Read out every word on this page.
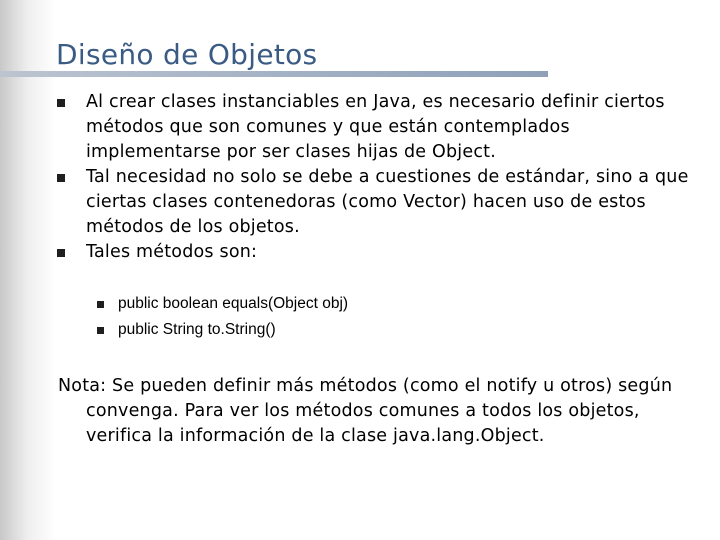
Diseño de Objetos
Al crear clases instanciables en Java, es necesario definir ciertos métodos que son comunes y que están contemplados implementarse por ser clases hijas de Object.
Tal necesidad no solo se debe a cuestiones de estándar, sino a que ciertas clases contenedoras (como Vector) hacen uso de estos métodos de los objetos.
Tales métodos son:
public boolean equals(Object obj)
public String to.String()
Nota: Se pueden definir más métodos (como el notify u otros) según convenga. Para ver los métodos comunes a todos los objetos, verifica la información de la clase java.lang.Object.
